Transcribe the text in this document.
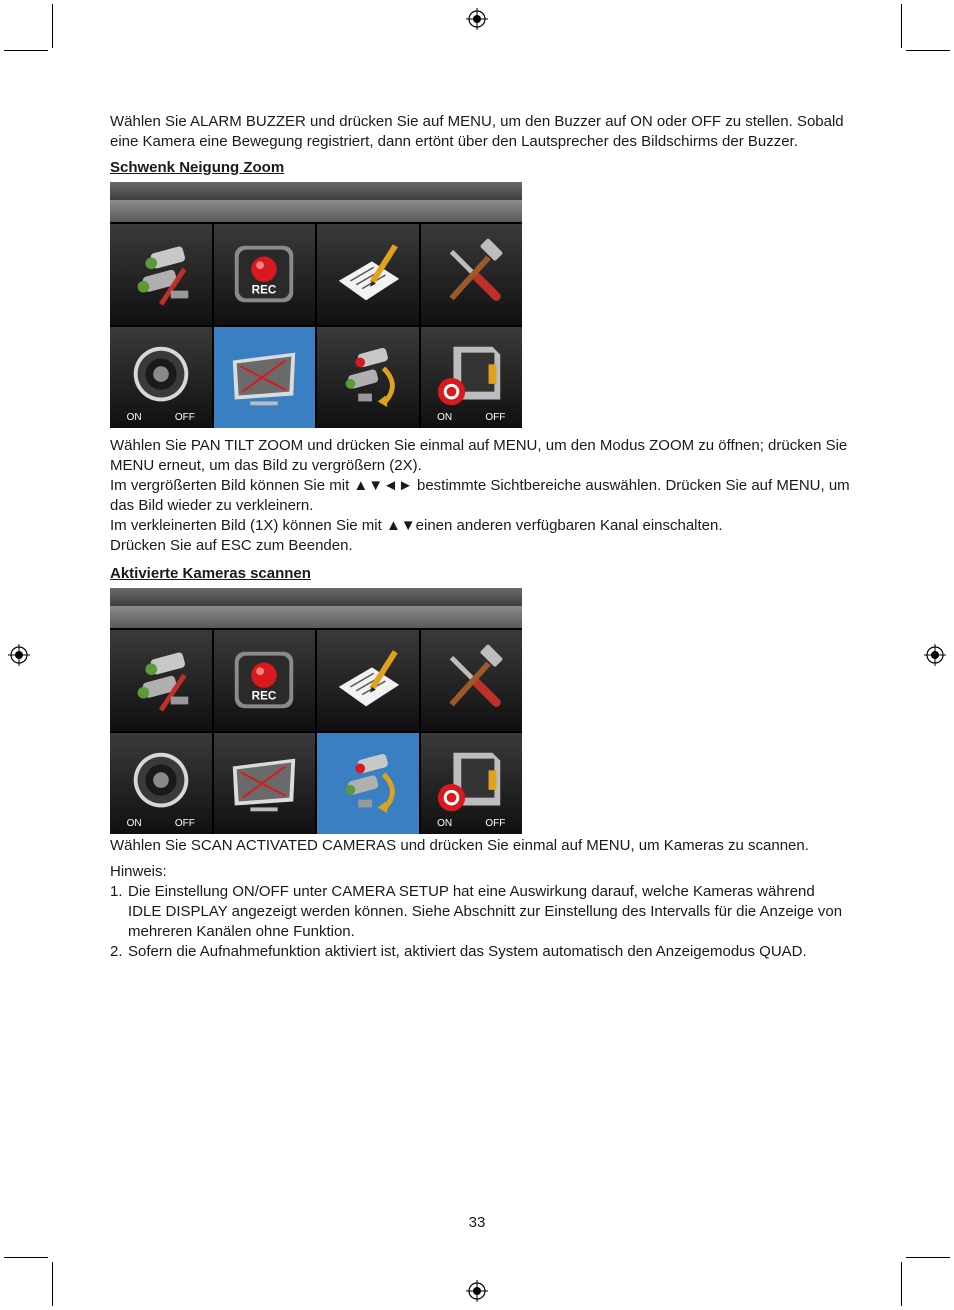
Wählen Sie ALARM BUZZER und drücken Sie auf MENU, um den Buzzer auf ON oder OFF zu stellen. Sobald eine Kamera eine Bewegung registriert, dann ertönt über den Lautsprecher des Bildschirms der Buzzer.

Schwenk Neigung Zoom

REC
ON	OFF	ON	OFF

Wählen Sie PAN TILT ZOOM und drücken Sie einmal auf MENU, um den Modus ZOOM zu öffnen; drücken Sie MENU erneut, um das Bild zu vergrößern (2X).

Im vergrößerten Bild können Sie mit ▲▼◄► bestimmte Sichtbereiche auswählen. Drücken Sie auf MENU, um das Bild wieder zu verkleinern.

Im verkleinerten Bild (1X) können Sie mit ▲▼einen anderen verfügbaren Kanal einschalten.

Drücken Sie auf ESC zum Beenden.

Aktivierte Kameras scannen

REC
ON	OFF	ON	OFF

Wählen Sie SCAN ACTIVATED CAMERAS und drücken Sie einmal auf MENU, um Kameras zu scannen.

Hinweis:

1. Die Einstellung ON/OFF unter CAMERA SETUP hat eine Auswirkung darauf, welche Kameras während IDLE DISPLAY angezeigt werden können. Siehe Abschnitt zur Einstellung des Intervalls für die Anzeige von mehreren Kanälen ohne Funktion.
2. Sofern die Aufnahmefunktion aktiviert ist, aktiviert das System automatisch den Anzeigemodus QUAD.
33
